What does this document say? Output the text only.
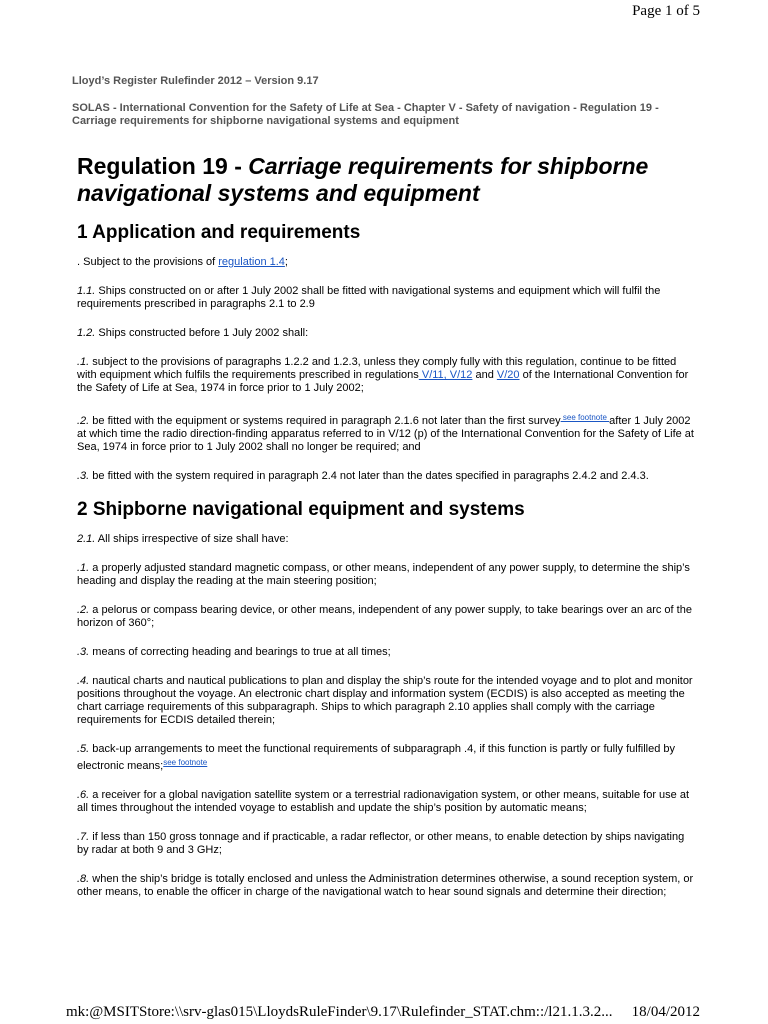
Page 1 of 5
Lloyd’s Register Rulefinder 2012 – Version 9.17
SOLAS - International Convention for the Safety of Life at Sea - Chapter V - Safety of navigation - Regulation 19 - Carriage requirements for shipborne navigational systems and equipment
Regulation 19 - Carriage requirements for shipborne navigational systems and equipment
1 Application and requirements

. Subject to the provisions of regulation 1.4;

1.1. Ships constructed on or after 1 July 2002 shall be fitted with navigational systems and equipment which will fulfil the requirements prescribed in paragraphs 2.1 to 2.9

1.2. Ships constructed before 1 July 2002 shall:

.1. subject to the provisions of paragraphs 1.2.2 and 1.2.3, unless they comply fully with this regulation, continue to be fitted with equipment which fulfils the requirements prescribed in regulations V/11, V/12 and V/20 of the International Convention for the Safety of Life at Sea, 1974 in force prior to 1 July 2002;

.2. be fitted with the equipment or systems required in paragraph 2.1.6 not later than the first survey $^{see footnote}$ after 1 July 2002 at which time the radio direction-finding apparatus referred to in V/12 (p) of the International Convention for the Safety of Life at Sea, 1974 in force prior to 1 July 2002 shall no longer be required; and

.3. be fitted with the system required in paragraph 2.4 not later than the dates specified in paragraphs 2.4.2 and 2.4.3.

2 Shipborne navigational equipment and systems

2.1. All ships irrespective of size shall have:

.1. a properly adjusted standard magnetic compass, or other means, independent of any power supply, to determine the ship’s heading and display the reading at the main steering position;

.2. a pelorus or compass bearing device, or other means, independent of any power supply, to take bearings over an arc of the horizon of 360°;

.3. means of correcting heading and bearings to true at all times;

.4. nautical charts and nautical publications to plan and display the ship’s route for the intended voyage and to plot and monitor positions throughout the voyage. An electronic chart display and information system (ECDIS) is also accepted as meeting the chart carriage requirements of this subparagraph. Ships to which paragraph 2.10 applies shall comply with the carriage requirements for ECDIS detailed therein;

.5. back-up arrangements to meet the functional requirements of subparagraph .4, if this function is partly or fully fulfilled by electronic means;$^{see footnote}$

.6. a receiver for a global navigation satellite system or a terrestrial radionavigation system, or other means, suitable for use at all times throughout the intended voyage to establish and update the ship’s position by automatic means;

.7. if less than 150 gross tonnage and if practicable, a radar reflector, or other means, to enable detection by ships navigating by radar at both 9 and 3 GHz;

.8. when the ship’s bridge is totally enclosed and unless the Administration determines otherwise, a sound reception system, or other means, to enable the officer in charge of the navigational watch to hear sound signals and determine their direction;

mk:@MSITStore:\\srv-glas015\LloydsRuleFinder\9.17\Rulefinder_STAT.chm::/l21.1.3.2... 18/04/2012
